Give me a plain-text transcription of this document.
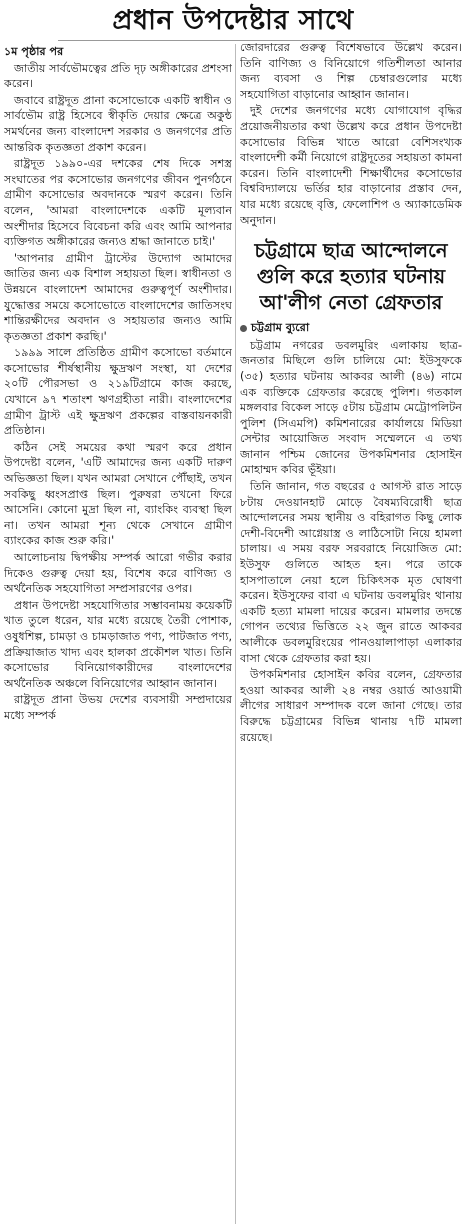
প্রধান উপদেষ্টার সাথে
১ম পৃষ্ঠার পর

জাতীয় সার্বভৌমত্বের প্রতি দৃঢ় অঙ্গীকারের প্রশংসা করেন।

জবাবে রাষ্ট্রদূত প্রানা কসোভোকে একটি স্বাধীন ও সার্বভৌম রাষ্ট্র হিসেবে স্বীকৃতি দেয়ার ক্ষেত্রে অকুন্ঠ সমর্থনের জন্য বাংলাদেশ সরকার ও জনগণের প্রতি আন্তরিক কৃতজ্ঞতা প্রকাশ করেন।

রাষ্ট্রদূত ১৯৯০-এর দশকের শেষ দিকে সশস্ত্র সংঘাতের পর কসোভোর জনগণের জীবন পুনর্গঠনে গ্রামীণ কসোভোর অবদানকে স্মরণ করেন। তিনি বলেন, 'আমরা বাংলাদেশকে একটি মূল্যবান অংশীদার হিসেবে বিবেচনা করি এবং আমি আপনার ব্যক্তিগত অঙ্গীকারের জন্যও শ্রদ্ধা জানাতে চাই।'

'আপনার গ্রামীণ ট্রাস্টের উদ্যোগ আমাদের জাতির জন্য এক বিশাল সহায়তা ছিল। স্বাধীনতা ও উন্নয়নে বাংলাদেশ আমাদের গুরুত্বপূর্ণ অংশীদার। যুদ্ধোত্তর সময়ে কসোভোতে বাংলাদেশের জাতিসংঘ শান্তিরক্ষীদের অবদান ও সহায়তার জন্যও আমি কৃতজ্ঞতা প্রকাশ করছি।'

১৯৯৯ সালে প্রতিষ্ঠিত গ্রামীণ কসোভো বর্তমানে কসোভোর শীর্ষস্থানীয় ক্ষুদ্রঋণ সংস্থা, যা দেশের ২০টি পৌরসভা ও ২১৯টিগ্রামে কাজ করছে, যেখানে ৯৭ শতাংশ ঋণগ্রহীতা নারী। বাংলাদেশের গ্রামীণ ট্রাস্ট এই ক্ষুদ্রঋণ প্রকল্পের বাস্তবায়নকারী প্রতিষ্ঠান।

কঠিন সেই সময়ের কথা স্মরণ করে প্রধান উপদেষ্টা বলেন, 'এটি আমাদের জন্য একটি দারুণ অভিজ্ঞতা ছিল। যখন আমরা সেখানে পৌঁছাই, তখন সবকিছু ধ্বংসপ্রাপ্ত ছিল। পুরুষরা তখনো ফিরে আসেনি। কোনো মুদ্রা ছিল না, ব্যাংকিং ব্যবস্থা ছিল না। তখন আমরা শূন্য থেকে সেখানে গ্রামীণ ব্যাংকের কাজ শুরু করি।'

আলোচনায় দ্বিপক্ষীয় সম্পর্ক আরো গভীর করার দিকেও গুরুত্ব দেয়া হয়, বিশেষ করে বাণিজ্য ও অর্থনৈতিক সহযোগিতা সম্প্রসারণের ওপর।

প্রধান উপদেষ্টা সহযোগিতার সম্ভাবনাময় কয়েকটি খাত তুলে ধরেন, যার মধ্যে রয়েছে তৈরী পোশাক, ওষুধশিল্প, চামড়া ও চামড়াজাত পণ্য, পাটজাত পণ্য, প্রক্রিয়াজাত খাদ্য এবং হালকা প্রকৌশল খাত। তিনি কসোভোর বিনিয়োগকারীদের বাংলাদেশের অর্থনৈতিক অঞ্চলে বিনিয়োগের আহ্বান জানান।

রাষ্ট্রদূত প্রানা উভয় দেশের ব্যবসায়ী সম্প্রদায়ের মধ্যে সম্পর্ক

জোরদারের গুরুত্ব বিশেষভাবে উল্লেখ করেন। তিনি বাণিজ্য ও বিনিয়োগে গতিশীলতা আনার জন্য ব্যবসা ও শিল্প চেম্বারগুলোর মধ্যে সহযোগিতা বাড়ানোর আহ্বান জানান।

দুই দেশের জনগণের মধ্যে যোগাযোগ বৃদ্ধির প্রয়োজনীয়তার কথা উল্লেখ করে প্রধান উপদেষ্টা কসোভোর বিভিন্ন খাতে আরো বেশিসংখ্যক বাংলাদেশী কর্মী নিয়োগে রাষ্ট্রদূতের সহায়তা কামনা করেন। তিনি বাংলাদেশী শিক্ষার্থীদের কসোভোর বিশ্ববিদ্যালয়ে ভর্তির হার বাড়ানোর প্রস্তাব দেন, যার মধ্যে রয়েছে বৃত্তি, ফেলোশিপ ও অ্যাকাডেমিক অনুদান।

চট্টগ্রামে ছাত্র আন্দোলনে গুলি করে হত্যার ঘটনায় আ'লীগ নেতা গ্রেফতার
চট্টগ্রাম ব্যুরো

চট্টগ্রাম নগরের ডবলমুরিং এলাকায় ছাত্র-জনতার মিছিলে গুলি চালিয়ে মো: ইউসুফকে (৩৫) হত্যার ঘটনায় আকবর আলী (৪৬) নামে এক ব্যক্তিকে গ্রেফতার করেছে পুলিশ। গতকাল মঙ্গলবার বিকেল সাড়ে ৫টায় চট্টগ্রাম মেট্রোপলিটন পুলিশ (সিএমপি) কমিশনারের কার্যালয়ে মিডিয়া সেন্টার আয়োজিত সংবাদ সম্মেলনে এ তথ্য জানান পশ্চিম জোনের উপকমিশনার হোসাইন মোহাম্মদ কবির ভূঁইয়া।

তিনি জানান, গত বছরের ৫ আগস্ট রাত সাড়ে ৮টায় দেওয়ানহাট মোড়ে বৈষম্যবিরোধী ছাত্র আন্দোলনের সময় স্থানীয় ও বহিরাগত কিছু লোক দেশী-বিদেশী আগ্নেয়াস্ত্র ও লাঠিসোটা নিয়ে হামলা চালায়। এ সময় বরফ সরবরাহে নিয়োজিত মো: ইউসুফ গুলিতে আহত হন। পরে তাকে হাসপাতালে নেয়া হলে চিকিৎসক মৃত ঘোষণা করেন। ইউসুফের বাবা এ ঘটনায় ডবলমুরিং থানায় একটি হত্যা মামলা দায়ের করেন। মামলার তদন্তে গোপন তথ্যের ভিত্তিতে ২২ জুন রাতে আকবর আলীকে ডবলমুরিংয়ের পানওয়ালাপাড়া এলাকার বাসা থেকে গ্রেফতার করা হয়।

উপকমিশনার হোসাইন কবির বলেন, গ্রেফতার হওয়া আকবর আলী ২৪ নম্বর ওয়ার্ড আওয়ামী লীগের সাধারণ সম্পাদক বলে জানা গেছে। তার বিরুদ্ধে চট্টগ্রামের বিভিন্ন থানায় ৭টি মামলা রয়েছে।
